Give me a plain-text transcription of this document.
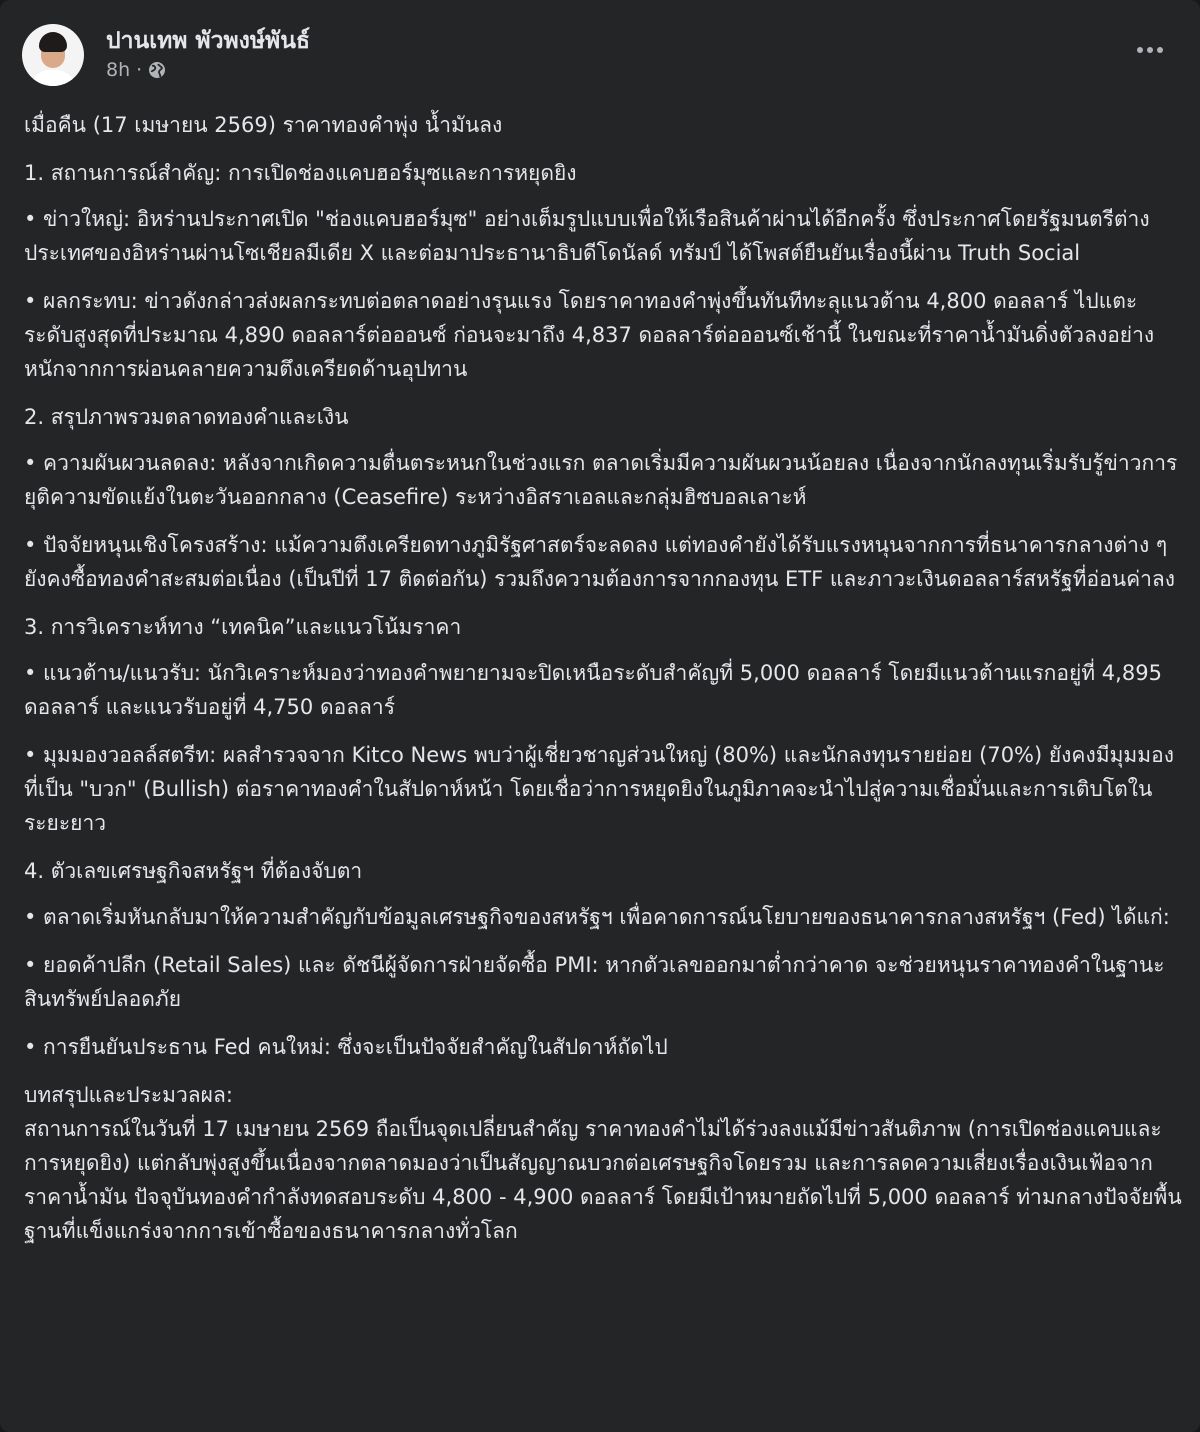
ปานเทพ พัวพงษ์พันธ์
8h ·

เมื่อคืน (17 เมษายน 2569) ราคาทองคำพุ่ง น้ำมันลง

1. สถานการณ์สำคัญ: การเปิดช่องแคบฮอร์มุซและการหยุดยิง

• ข่าวใหญ่: อิหร่านประกาศเปิด "ช่องแคบฮอร์มุซ" อย่างเต็มรูปแบบเพื่อให้เรือสินค้าผ่านได้อีกครั้ง ซึ่งประกาศโดยรัฐมนตรีต่างประเทศของอิหร่านผ่านโซเชียลมีเดีย X และต่อมาประธานาธิบดีโดนัลด์ ทรัมป์ ได้โพสต์ยืนยันเรื่องนี้ผ่าน Truth Social

• ผลกระทบ: ข่าวดังกล่าวส่งผลกระทบต่อตลาดอย่างรุนแรง โดยราคาทองคำพุ่งขึ้นทันทีทะลุแนวต้าน 4,800 ดอลลาร์ ไปแตะระดับสูงสุดที่ประมาณ 4,890 ดอลลาร์ต่อออนซ์ ก่อนจะมาถึง 4,837 ดอลลาร์ต่อออนซ์เช้านี้ ในขณะที่ราคาน้ำมันดิ่งตัวลงอย่างหนักจากการผ่อนคลายความตึงเครียดด้านอุปทาน

2. สรุปภาพรวมตลาดทองคำและเงิน

• ความผันผวนลดลง: หลังจากเกิดความตื่นตระหนกในช่วงแรก ตลาดเริ่มมีความผันผวนน้อยลง เนื่องจากนักลงทุนเริ่มรับรู้ข่าวการยุติความขัดแย้งในตะวันออกกลาง (Ceasefire) ระหว่างอิสราเอลและกลุ่มฮิซบอลเลาะห์

• ปัจจัยหนุนเชิงโครงสร้าง: แม้ความตึงเครียดทางภูมิรัฐศาสตร์จะลดลง แต่ทองคำยังได้รับแรงหนุนจากการที่ธนาคารกลางต่าง ๆ ยังคงซื้อทองคำสะสมต่อเนื่อง (เป็นปีที่ 17 ติดต่อกัน) รวมถึงความต้องการจากกองทุน ETF และภาวะเงินดอลลาร์สหรัฐที่อ่อนค่าลง

3. การวิเคราะห์ทาง “เทคนิค”และแนวโน้มราคา

• แนวต้าน/แนวรับ: นักวิเคราะห์มองว่าทองคำพยายามจะปิดเหนือระดับสำคัญที่ 5,000 ดอลลาร์ โดยมีแนวต้านแรกอยู่ที่ 4,895 ดอลลาร์ และแนวรับอยู่ที่ 4,750 ดอลลาร์

• มุมมองวอลล์สตรีท: ผลสำรวจจาก Kitco News พบว่าผู้เชี่ยวชาญส่วนใหญ่ (80%) และนักลงทุนรายย่อย (70%) ยังคงมีมุมมองที่เป็น "บวก" (Bullish) ต่อราคาทองคำในสัปดาห์หน้า โดยเชื่อว่าการหยุดยิงในภูมิภาคจะนำไปสู่ความเชื่อมั่นและการเติบโตในระยะยาว

4. ตัวเลขเศรษฐกิจสหรัฐฯ ที่ต้องจับตา

• ตลาดเริ่มหันกลับมาให้ความสำคัญกับข้อมูลเศรษฐกิจของสหรัฐฯ เพื่อคาดการณ์นโยบายของธนาคารกลางสหรัฐฯ (Fed) ได้แก่:

• ยอดค้าปลีก (Retail Sales) และ ดัชนีผู้จัดการฝ่ายจัดซื้อ PMI: หากตัวเลขออกมาต่ำกว่าคาด จะช่วยหนุนราคาทองคำในฐานะสินทรัพย์ปลอดภัย

• การยืนยันประธาน Fed คนใหม่: ซึ่งจะเป็นปัจจัยสำคัญในสัปดาห์ถัดไป

บทสรุปและประมวลผล:

สถานการณ์ในวันที่ 17 เมษายน 2569 ถือเป็นจุดเปลี่ยนสำคัญ ราคาทองคำไม่ได้ร่วงลงแม้มีข่าวสันติภาพ (การเปิดช่องแคบและการหยุดยิง) แต่กลับพุ่งสูงขึ้นเนื่องจากตลาดมองว่าเป็นสัญญาณบวกต่อเศรษฐกิจโดยรวม และการลดความเสี่ยงเรื่องเงินเฟ้อจากราคาน้ำมัน ปัจจุบันทองคำกำลังทดสอบระดับ 4,800 - 4,900 ดอลลาร์ โดยมีเป้าหมายถัดไปที่ 5,000 ดอลลาร์ ท่ามกลางปัจจัยพื้นฐานที่แข็งแกร่งจากการเข้าซื้อของธนาคารกลางทั่วโลก
